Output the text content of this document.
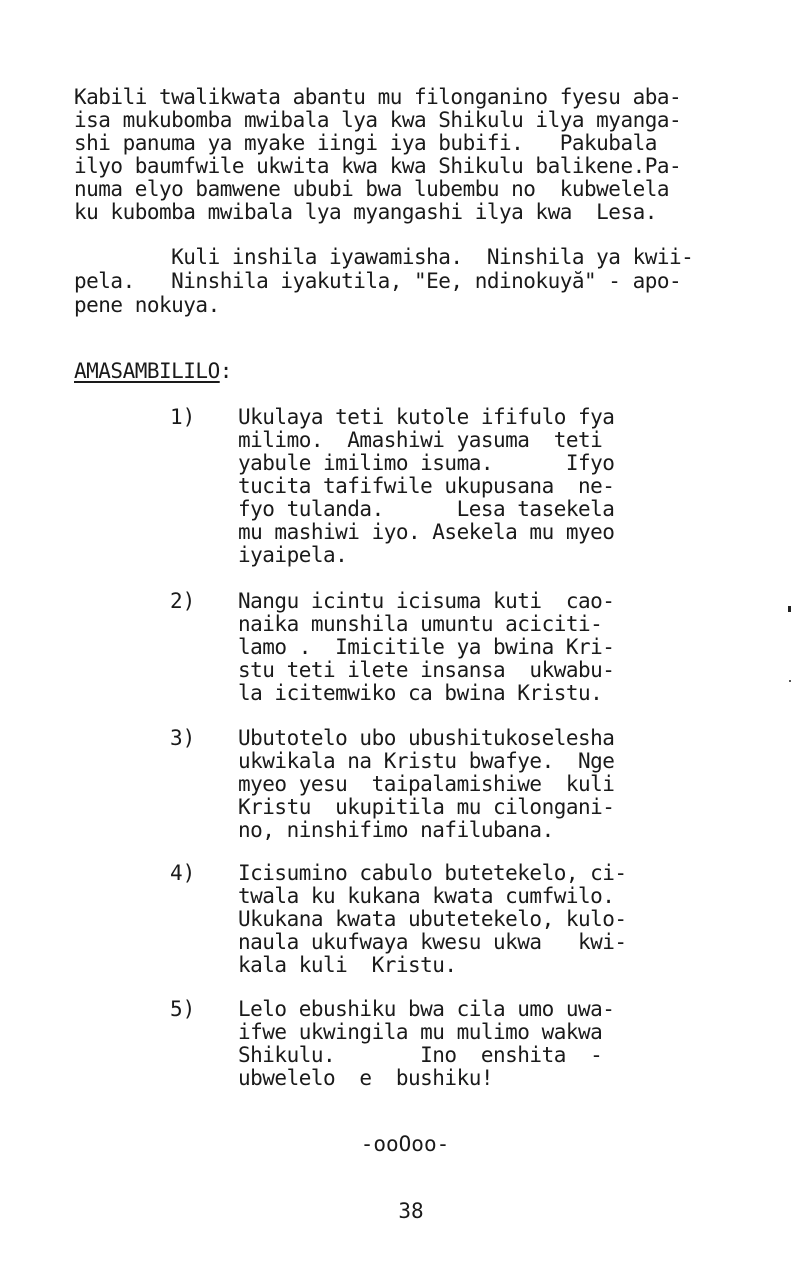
Kabili twalikwata abantu mu filonganino fyesu aba-
isa mukubomba mwibala lya kwa Shikulu ilya myanga-
shi panuma ya myake iingi iya bubifi.   Pakubala
ilyo baumfwile ukwita kwa kwa Shikulu balikene.Pa-
numa elyo bamwene ububi bwa lubembu no  kubwelela
ku kubomba mwibala lya myangashi ilya kwa  Lesa.
Kuli inshila iyawamisha.  Ninshila ya kwii-
pela.   Ninshila iyakutila, "Ee, ndinokuyă" - apo-
pene nokuya.
AMASAMBILILO:
1) Ukulaya teti kutole ififulo fya
milimo.  Amashiwi yasuma  teti
yabule imilimo isuma.      Ifyo
tucita tafifwile ukupusana  ne-
fyo tulanda.      Lesa tasekela
mu mashiwi iyo. Asekela mu myeo
iyaipela.
2) Nangu icintu icisuma kuti  cao-
naika munshila umuntu aciciti-
lamo .  Imicitile ya bwina Kri-
stu teti ilete insansa  ukwabu-
la icitemwiko ca bwina Kristu.
3) Ubutotelo ubo ubushitukoselesha
ukwikala na Kristu bwafye.  Nge
myeo yesu  taipalamishiwe  kuli
Kristu  ukupitila mu cilongani-
no, ninshifimo nafilubana.
4) Icisumino cabulo butetekelo, ci-
twala ku kukana kwata cumfwilo.
Ukukana kwata ubutetekelo, kulo-
naula ukufwaya kwesu ukwa   kwi-
kala kuli  Kristu.
5) Lelo ebushiku bwa cila umo uwa-
ifwe ukwingila mu mulimo wakwa
Shikulu.       Ino  enshita  -
ubwelelo  e  bushiku!
-ooOoo-
38
